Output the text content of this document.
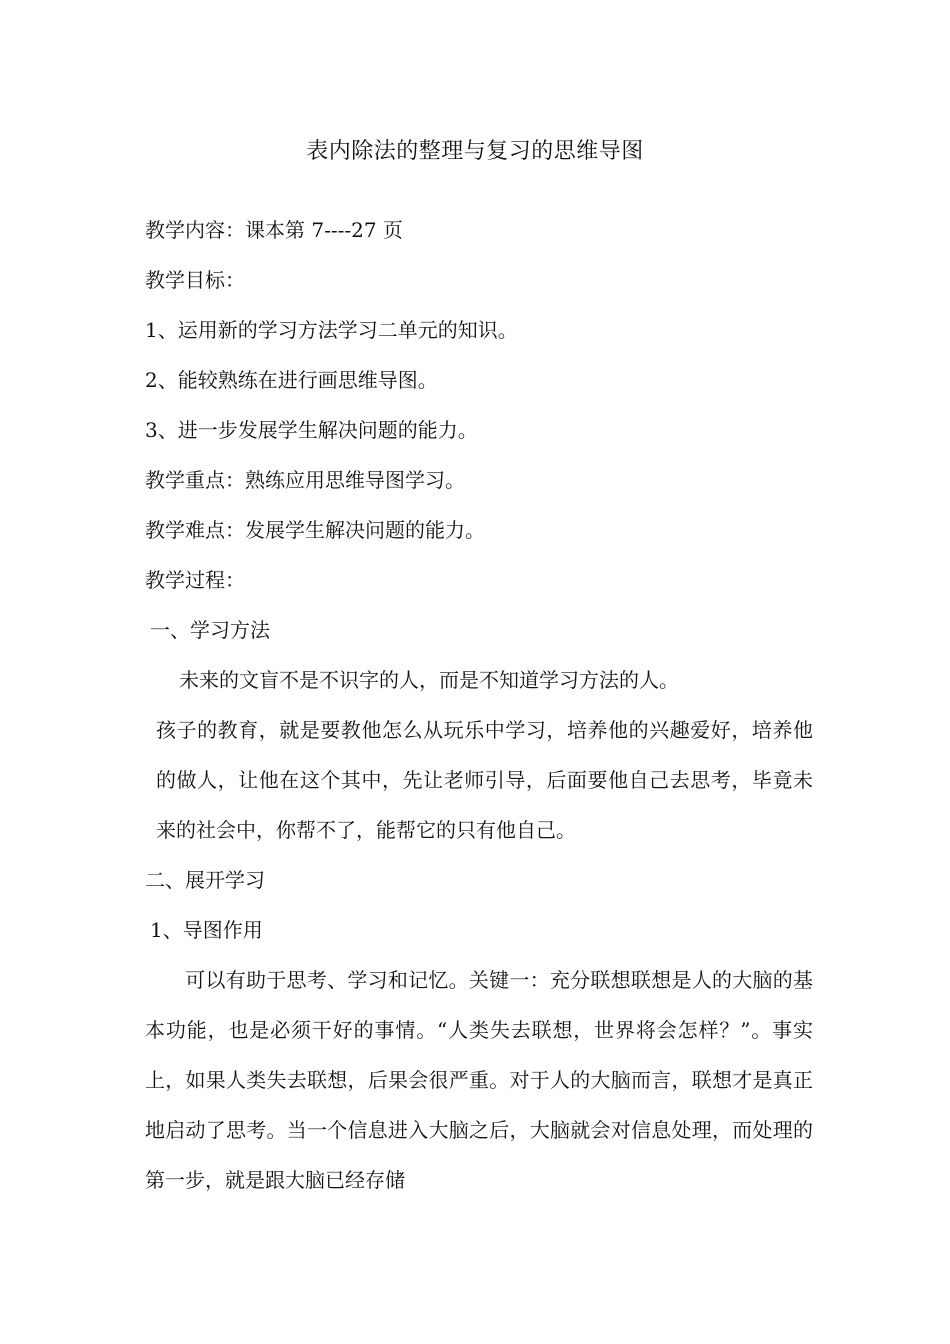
表内除法的整理与复习的思维导图
教学内容：课本第 7----27 页
教学目标：
1、运用新的学习方法学习二单元的知识。
2、能较熟练在进行画思维导图。
3、进一步发展学生解决问题的能力。
教学重点：熟练应用思维导图学习。
教学难点：发展学生解决问题的能力。
教学过程：
一、学习方法
未来的文盲不是不识字的人，而是不知道学习方法的人。
孩子的教育，就是要教他怎么从玩乐中学习，培养他的兴趣爱好，培养他的做人，让他在这个其中，先让老师引导，后面要他自己去思考，毕竟未来的社会中，你帮不了，能帮它的只有他自己。
二、展开学习
1、导图作用
可以有助于思考、学习和记忆。关键一：充分联想联想是人的大脑的基本功能，也是必须干好的事情。“人类失去联想，世界将会怎样？”。事实上，如果人类失去联想，后果会很严重。对于人的大脑而言，联想才是真正地启动了思考。当一个信息进入大脑之后，大脑就会对信息处理，而处理的第一步，就是跟大脑已经存储
